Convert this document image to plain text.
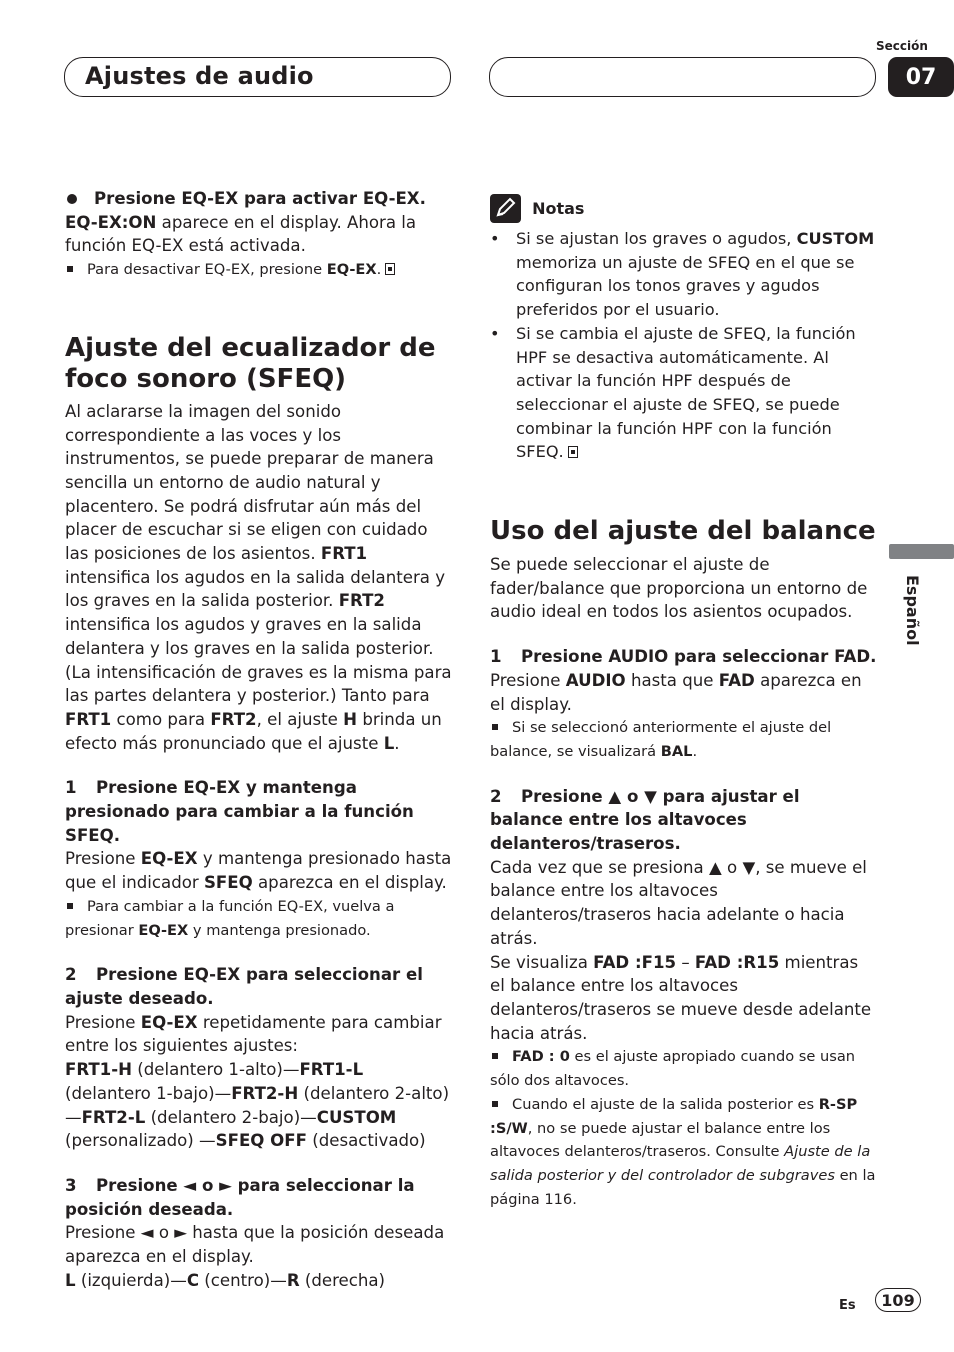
Ajustes de audio
Sección
07
Español

Presione EQ-EX para activar EQ-EX.

EQ-EX:ON aparece en el display. Ahora la función EQ-EX está activada.

Para desactivar EQ-EX, presione EQ-EX.

Ajuste del ecualizador de foco sonoro (SFEQ)

Al aclararse la imagen del sonido correspondiente a las voces y los instrumentos, se puede preparar de manera sencilla un entorno de audio natural y placentero. Se podrá disfrutar aún más del placer de escuchar si se eligen con cuidado las posiciones de los asientos. FRT1 intensifica los agudos en la salida delantera y los graves en la salida posterior. FRT2 intensifica los agudos y graves en la salida delantera y los graves en la salida posterior. (La intensificación de graves es la misma para las partes delantera y posterior.) Tanto para FRT1 como para FRT2, el ajuste H brinda un efecto más pronunciado que el ajuste L.

1 Presione EQ-EX y mantenga presionado para cambiar a la función SFEQ.

Presione EQ-EX y mantenga presionado hasta que el indicador SFEQ aparezca en el display.

Para cambiar a la función EQ-EX, vuelva a presionar EQ-EX y mantenga presionado.

2 Presione EQ-EX para seleccionar el ajuste deseado.

Presione EQ-EX repetidamente para cambiar entre los siguientes ajustes:

FRT1-H (delantero 1-alto)—FRT1-L (delantero 1-bajo)—FRT2-H (delantero 2-alto)—FRT2-L (delantero 2-bajo)—CUSTOM (personalizado) —SFEQ OFF (desactivado)

3 Presione ◄ o ► para seleccionar la posición deseada.

Presione ◄ o ► hasta que la posición deseada aparezca en el display.

L (izquierda)—C (centro)—R (derecha)

Notas

• Si se ajustan los graves o agudos, CUSTOM memoriza un ajuste de SFEQ en el que se configuran los tonos graves y agudos preferidos por el usuario.

• Si se cambia el ajuste de SFEQ, la función HPF se desactiva automáticamente. Al activar la función HPF después de seleccionar el ajuste de SFEQ, se puede combinar la función HPF con la función SFEQ.

Uso del ajuste del balance

Se puede seleccionar el ajuste de fader/balance que proporciona un entorno de audio ideal en todos los asientos ocupados.

1 Presione AUDIO para seleccionar FAD.

Presione AUDIO hasta que FAD aparezca en el display.

Si se seleccionó anteriormente el ajuste del balance, se visualizará BAL.

2 Presione ▲ o ▼ para ajustar el balance entre los altavoces delanteros/traseros.

Cada vez que se presiona ▲ o ▼, se mueve el balance entre los altavoces delanteros/traseros hacia adelante o hacia atrás.

Se visualiza FAD :F15 – FAD :R15 mientras el balance entre los altavoces delanteros/traseros se mueve desde adelante hacia atrás.

FAD : 0 es el ajuste apropiado cuando se usan sólo dos altavoces.

Cuando el ajuste de la salida posterior es R-SP :S/W, no se puede ajustar el balance entre los altavoces delanteros/traseros. Consulte Ajuste de la salida posterior y del controlador de subgraves en la página 116.

Es	109
